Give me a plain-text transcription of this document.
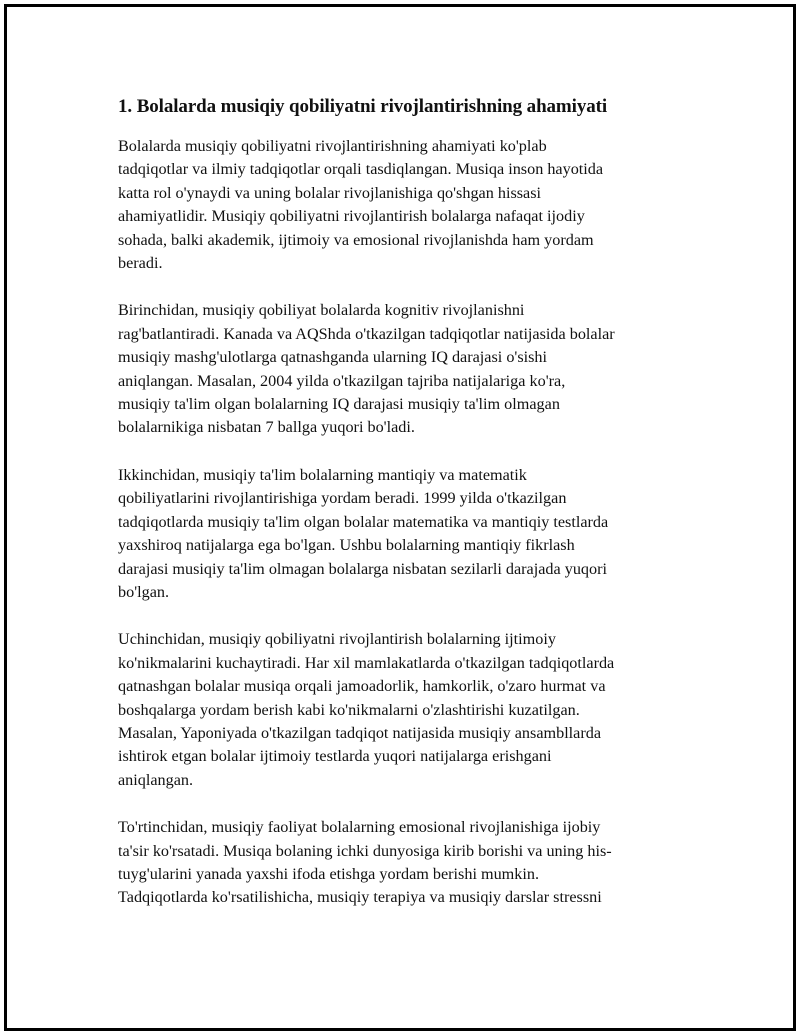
1. Bolalarda musiqiy qobiliyatni rivojlantirishning ahamiyati

Bolalarda musiqiy qobiliyatni rivojlantirishning ahamiyati ko'plab
tadqiqotlar va ilmiy tadqiqotlar orqali tasdiqlangan. Musiqa inson hayotida
katta rol o'ynaydi va uning bolalar rivojlanishiga qo'shgan hissasi
ahamiyatlidir. Musiqiy qobiliyatni rivojlantirish bolalarga nafaqat ijodiy
sohada, balki akademik, ijtimoiy va emosional rivojlanishda ham yordam
beradi.

Birinchidan, musiqiy qobiliyat bolalarda kognitiv rivojlanishni
rag'batlantiradi. Kanada va AQShda o'tkazilgan tadqiqotlar natijasida bolalar
musiqiy mashg'ulotlarga qatnashganda ularning IQ darajasi o'sishi
aniqlangan. Masalan, 2004 yilda o'tkazilgan tajriba natijalariga ko'ra,
musiqiy ta'lim olgan bolalarning IQ darajasi musiqiy ta'lim olmagan
bolalarnikiga nisbatan 7 ballga yuqori bo'ladi.

Ikkinchidan, musiqiy ta'lim bolalarning mantiqiy va matematik
qobiliyatlarini rivojlantirishiga yordam beradi. 1999 yilda o'tkazilgan
tadqiqotlarda musiqiy ta'lim olgan bolalar matematika va mantiqiy testlarda
yaxshiroq natijalarga ega bo'lgan. Ushbu bolalarning mantiqiy fikrlash
darajasi musiqiy ta'lim olmagan bolalarga nisbatan sezilarli darajada yuqori
bo'lgan.

Uchinchidan, musiqiy qobiliyatni rivojlantirish bolalarning ijtimoiy
ko'nikmalarini kuchaytiradi. Har xil mamlakatlarda o'tkazilgan tadqiqotlarda
qatnashgan bolalar musiqa orqali jamoadorlik, hamkorlik, o'zaro hurmat va
boshqalarga yordam berish kabi ko'nikmalarni o'zlashtirishi kuzatilgan.
Masalan, Yaponiyada o'tkazilgan tadqiqot natijasida musiqiy ansambllarda
ishtirok etgan bolalar ijtimoiy testlarda yuqori natijalarga erishgani
aniqlangan.

To'rtinchidan, musiqiy faoliyat bolalarning emosional rivojlanishiga ijobiy
ta'sir ko'rsatadi. Musiqa bolaning ichki dunyosiga kirib borishi va uning his-
tuyg'ularini yanada yaxshi ifoda etishga yordam berishi mumkin.
Tadqiqotlarda ko'rsatilishicha, musiqiy terapiya va musiqiy darslar stressni
